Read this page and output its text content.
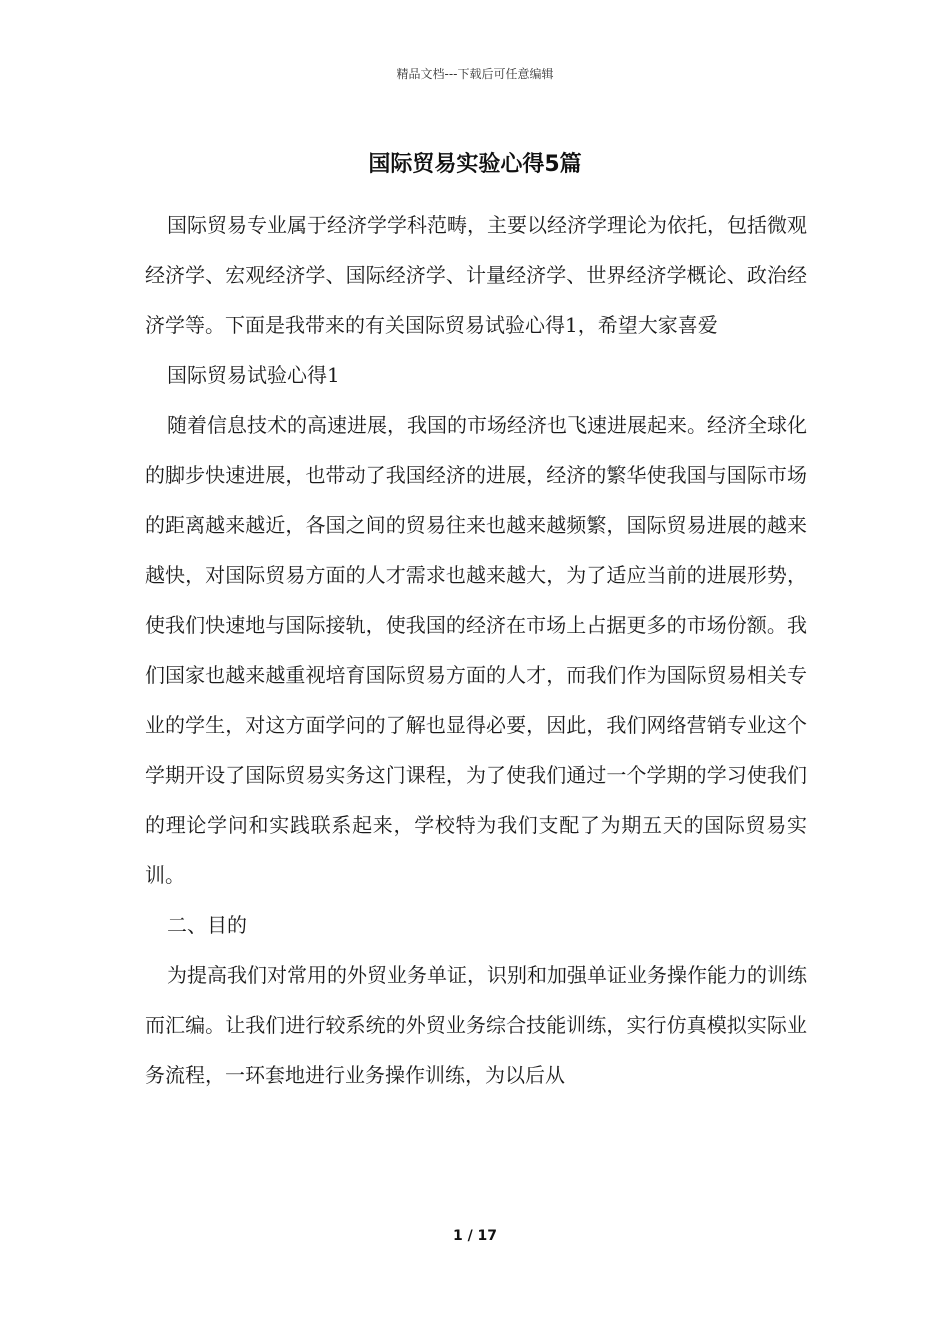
精品文档---下载后可任意编辑
国际贸易实验心得5篇

国际贸易专业属于经济学学科范畴，主要以经济学理论为依托，包括微观经济学、宏观经济学、国际经济学、计量经济学、世界经济学概论、政治经济学等。下面是我带来的有关国际贸易试验心得1，希望大家喜爱

国际贸易试验心得1

随着信息技术的高速进展，我国的市场经济也飞速进展起来。经济全球化的脚步快速进展，也带动了我国经济的进展，经济的繁华使我国与国际市场的距离越来越近，各国之间的贸易往来也越来越频繁，国际贸易进展的越来越快，对国际贸易方面的人才需求也越来越大，为了适应当前的进展形势，使我们快速地与国际接轨，使我国的经济在市场上占据更多的市场份额。我们国家也越来越重视培育国际贸易方面的人才，而我们作为国际贸易相关专业的学生，对这方面学问的了解也显得必要，因此，我们网络营销专业这个学期开设了国际贸易实务这门课程，为了使我们通过一个学期的学习使我们的理论学问和实践联系起来，学校特为我们支配了为期五天的国际贸易实训。

二、目的

为提高我们对常用的外贸业务单证，识别和加强单证业务操作能力的训练而汇编。让我们进行较系统的外贸业务综合技能训练，实行仿真模拟实际业务流程，一环套地进行业务操作训练，为以后从

1 / 17
